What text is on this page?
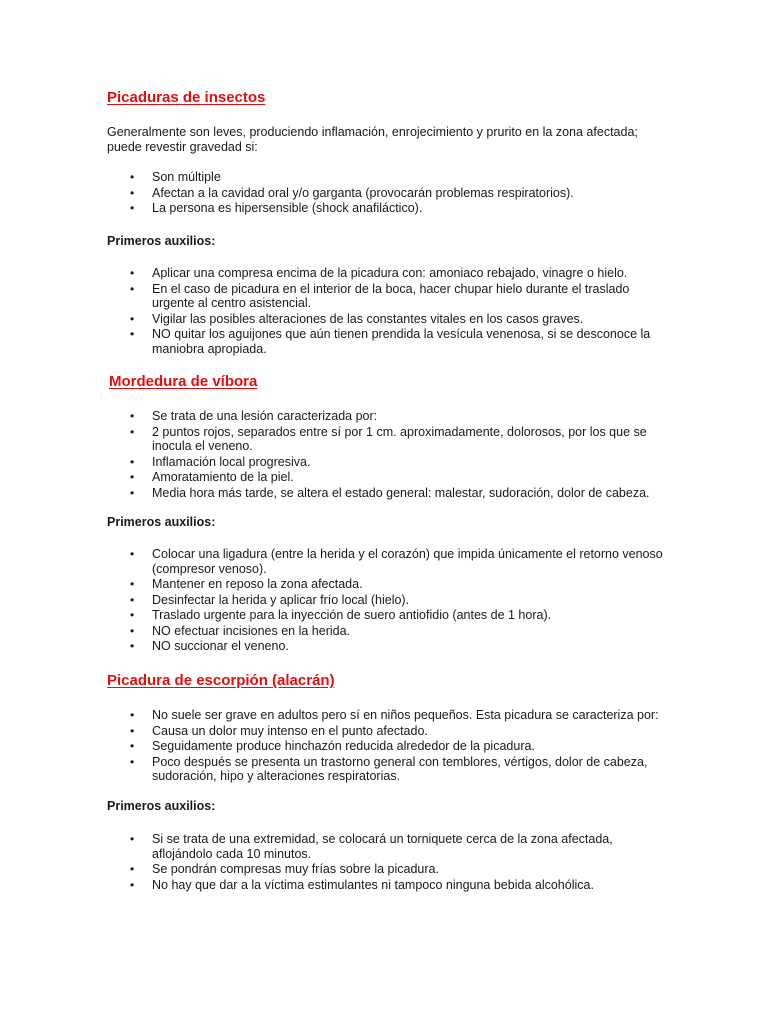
Picaduras de insectos

Generalmente son leves, produciendo inflamación, enrojecimiento y prurito en la zona afectada; puede revestir gravedad si:

• Son múltiple
• Afectan a la cavidad oral y/o garganta (provocarán problemas respiratorios).
• La persona es hipersensible (shock anafiláctico).

Primeros auxilios:

• Aplicar una compresa encima de la picadura con: amoniaco rebajado, vinagre o hielo.
• En el caso de picadura en el interior de la boca, hacer chupar hielo durante el traslado urgente al centro asistencial.
• Vigilar las posibles alteraciones de las constantes vitales en los casos graves.
• NO quitar los aguijones que aún tienen prendida la vesícula venenosa, si se desconoce la maniobra apropiada.
Mordedura de víbora
• Se trata de una lesión caracterizada por:
• 2 puntos rojos, separados entre sí por 1 cm. aproximadamente, dolorosos, por los que se inocula el veneno.
• Inflamación local progresiva.
• Amoratamiento de la piel.
• Media hora más tarde, se altera el estado general: malestar, sudoración, dolor de cabeza.

Primeros auxilios:

• Colocar una ligadura (entre la herida y el corazón) que impida únicamente el retorno venoso (compresor venoso).
• Mantener en reposo la zona afectada.
• Desinfectar la herida y aplicar frío local (hielo).
• Traslado urgente para la inyección de suero antiofidio (antes de 1 hora).
• NO efectuar incisiones en la herida.
• NO succionar el veneno.
Picadura de escorpión (alacrán)
• No suele ser grave en adultos pero sí en niños pequeños. Esta picadura se caracteriza por:
• Causa un dolor muy intenso en el punto afectado.
• Seguidamente produce hinchazón reducida alrededor de la picadura.
• Poco después se presenta un trastorno general con temblores, vértigos, dolor de cabeza, sudoración, hipo y alteraciones respiratorias.

Primeros auxilios:

• Si se trata de una extremidad, se colocará un torniquete cerca de la zona afectada, aflojándolo cada 10 minutos.
• Se pondrán compresas muy frías sobre la picadura.
• No hay que dar a la víctima estimulantes ni tampoco ninguna bebida alcohólica.
